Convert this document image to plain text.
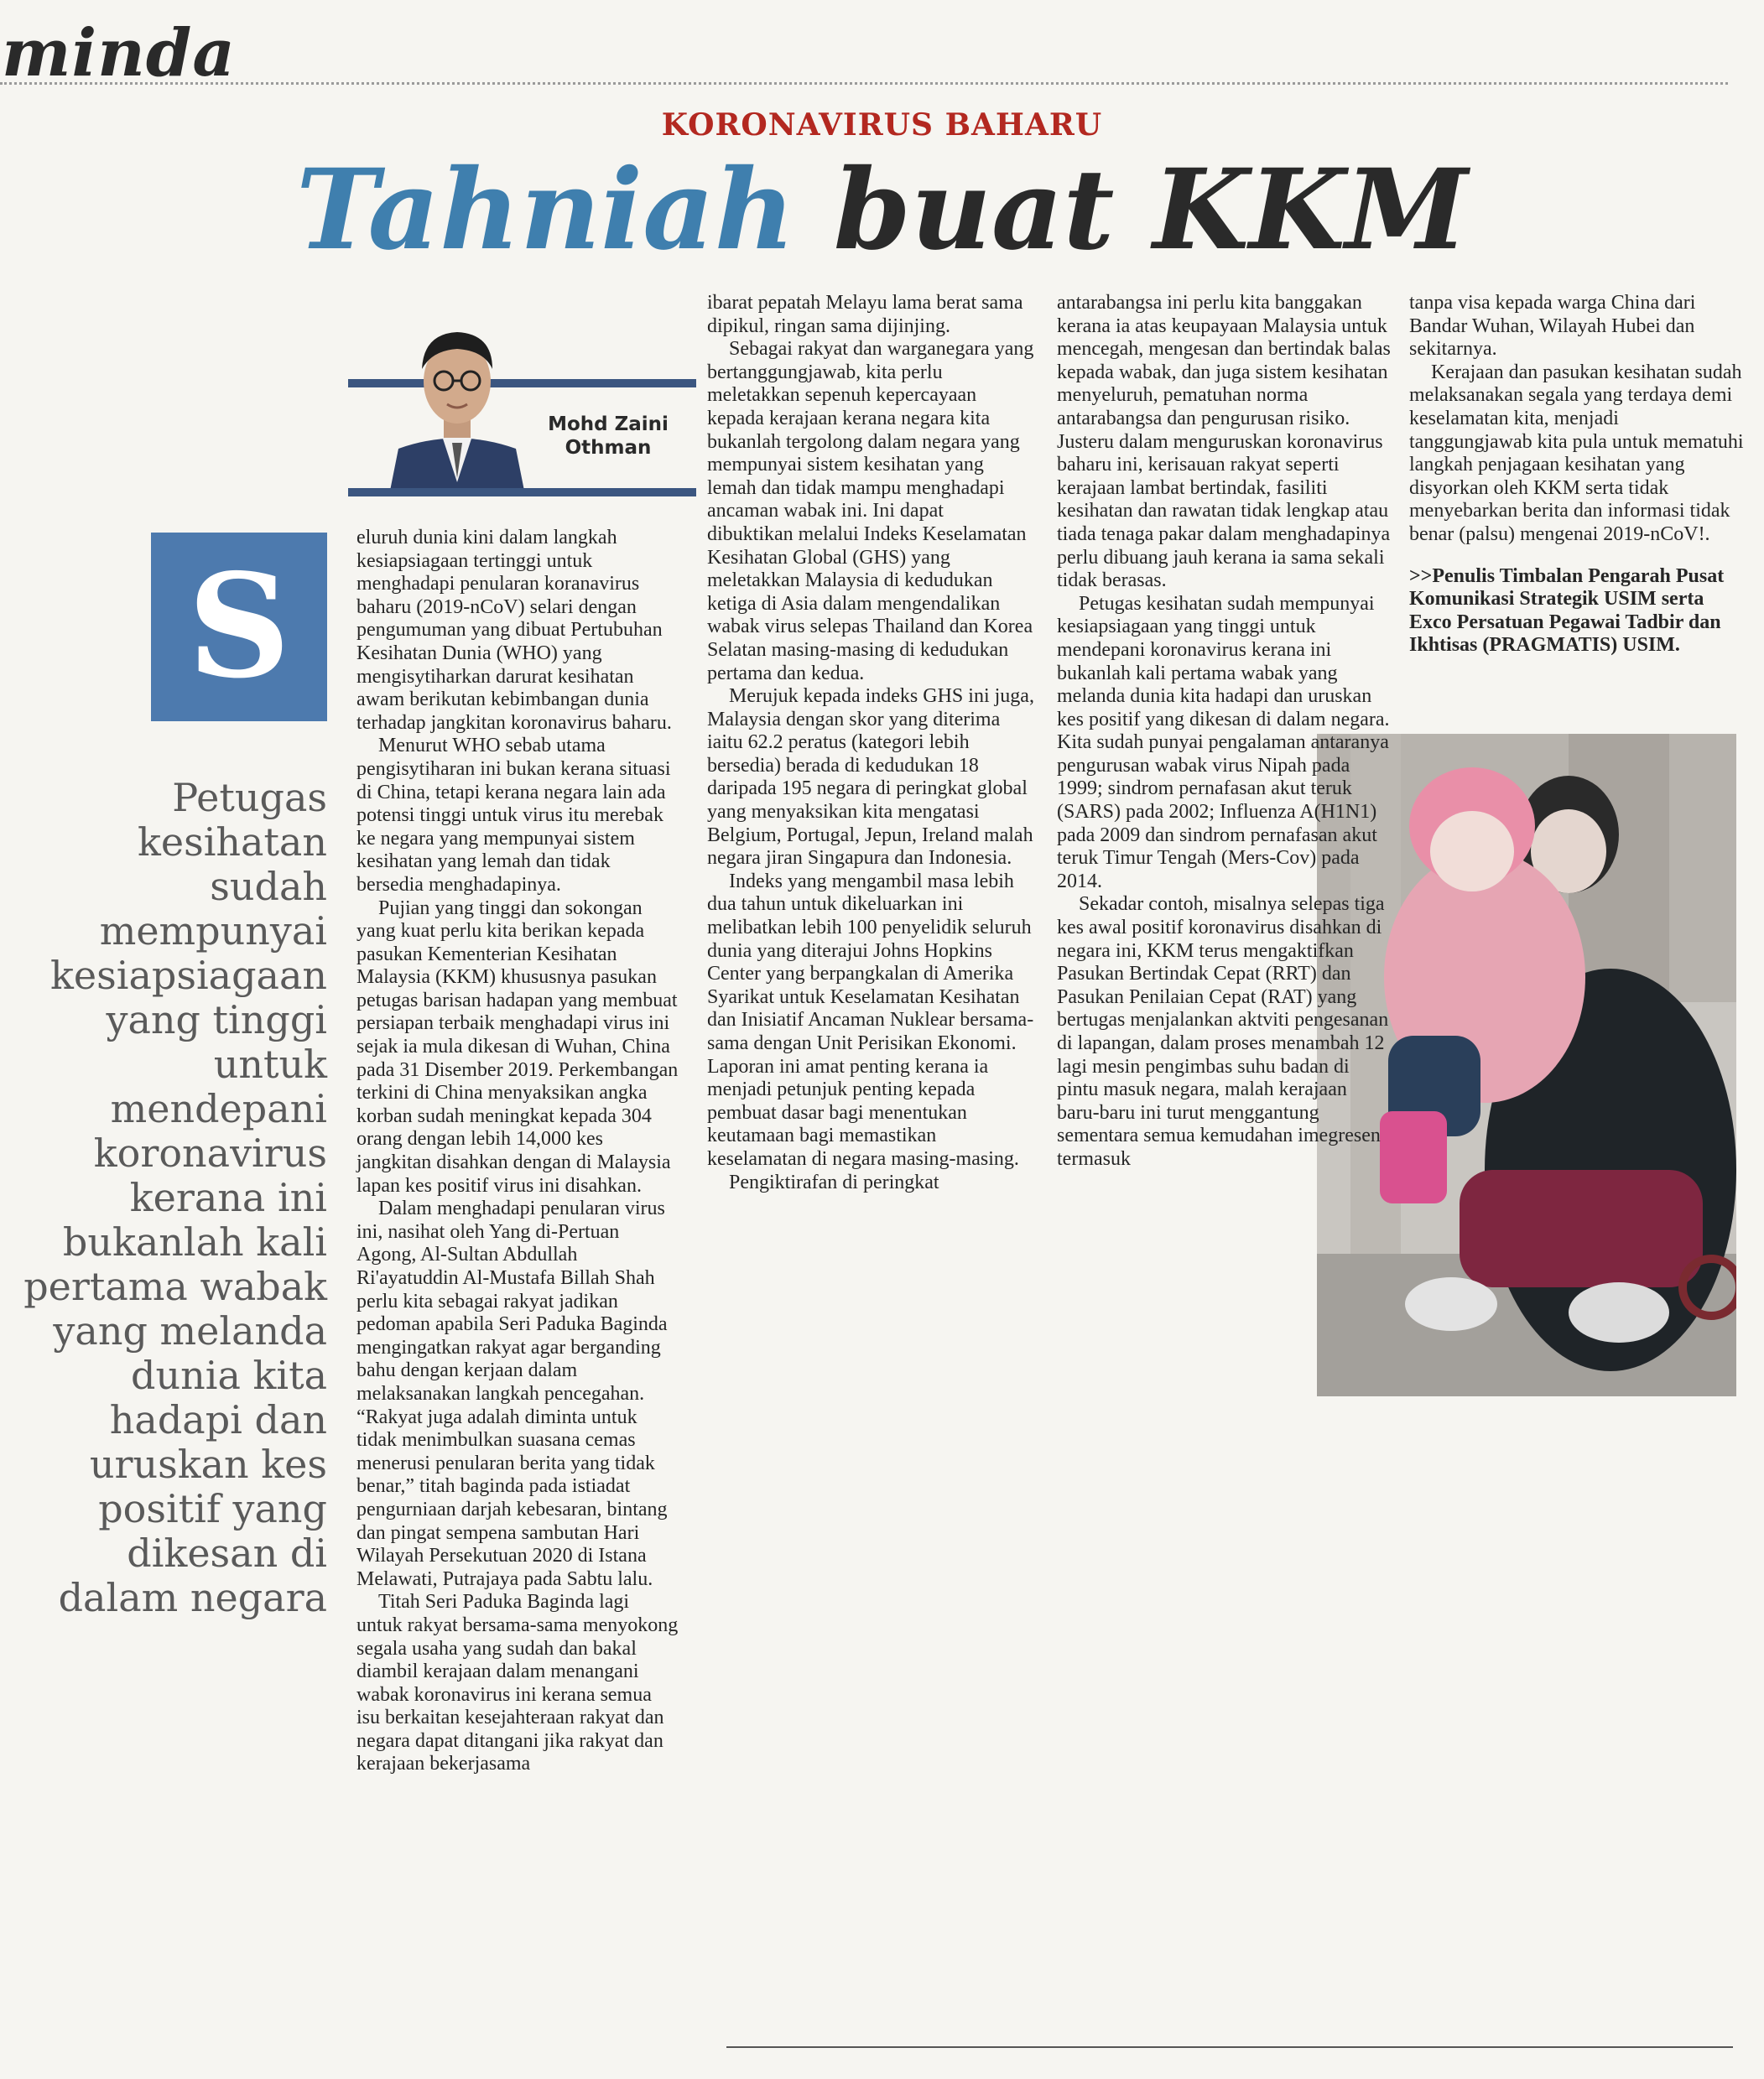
minda
KORONAVIRUS BAHARU
Tahniah buat KKM
Mohd Zaini
Othman
S
Petugas kesihatan sudah mempunyai kesiapsiagaan yang tinggi untuk mendepani koronavirus kerana ini bukanlah kali pertama wabak yang melanda dunia kita hadapi dan uruskan kes positif yang dikesan di dalam negara

eluruh dunia kini dalam langkah kesiapsiagaan tertinggi untuk menghadapi penularan koranavirus baharu (2019-nCoV) selari dengan pengumuman yang dibuat Pertubuhan Kesihatan Dunia (WHO) yang mengisytiharkan darurat kesihatan awam berikutan kebimbangan dunia terhadap jangkitan koronavirus baharu.

Menurut WHO sebab utama pengisytiharan ini bukan kerana situasi di China, tetapi kerana negara lain ada potensi tinggi untuk virus itu merebak ke negara yang mempunyai sistem kesihatan yang lemah dan tidak bersedia menghadapinya.

Pujian yang tinggi dan sokongan yang kuat perlu kita berikan kepada pasukan Kementerian Kesihatan Malaysia (KKM) khususnya pasukan petugas barisan hadapan yang membuat persiapan terbaik menghadapi virus ini sejak ia mula dikesan di Wuhan, China pada 31 Disember 2019. Perkembangan terkini di China menyaksikan angka korban sudah meningkat kepada 304 orang dengan lebih 14,000 kes jangkitan disahkan dengan di Malaysia lapan kes positif virus ini disahkan.

Dalam menghadapi penularan virus ini, nasihat oleh Yang di-Pertuan Agong, Al-Sultan Abdullah Ri'ayatuddin Al-Mustafa Billah Shah perlu kita sebagai rakyat jadikan pedoman apabila Seri Paduka Baginda mengingatkan rakyat agar berganding bahu dengan kerjaan dalam melaksanakan langkah pencegahan. “Rakyat juga adalah diminta untuk tidak menimbulkan suasana cemas menerusi penularan berita yang tidak benar,” titah baginda pada istiadat pengurniaan darjah kebesaran, bintang dan pingat sempena sambutan Hari Wilayah Persekutuan 2020 di Istana Melawati, Putrajaya pada Sabtu lalu.

Titah Seri Paduka Baginda lagi untuk rakyat bersama-sama menyokong segala usaha yang sudah dan bakal diambil kerajaan dalam menangani wabak koronavirus ini kerana semua isu berkaitan kesejahteraan rakyat dan negara dapat ditangani jika rakyat dan kerajaan bekerjasama

ibarat pepatah Melayu lama berat sama dipikul, ringan sama dijinjing.

Sebagai rakyat dan warganegara yang bertanggungjawab, kita perlu meletakkan sepenuh kepercayaan kepada kerajaan kerana negara kita bukanlah tergolong dalam negara yang mempunyai sistem kesihatan yang lemah dan tidak mampu menghadapi ancaman wabak ini. Ini dapat dibuktikan melalui Indeks Keselamatan Kesihatan Global (GHS) yang meletakkan Malaysia di kedudukan ketiga di Asia dalam mengendalikan wabak virus selepas Thailand dan Korea Selatan masing-masing di kedudukan pertama dan kedua.

Merujuk kepada indeks GHS ini juga, Malaysia dengan skor yang diterima iaitu 62.2 peratus (kategori lebih bersedia) berada di kedudukan 18 daripada 195 negara di peringkat global yang menyaksikan kita mengatasi Belgium, Portugal, Jepun, Ireland malah negara jiran Singapura dan Indonesia.

Indeks yang mengambil masa lebih dua tahun untuk dikeluarkan ini melibatkan lebih 100 penyelidik seluruh dunia yang diterajui Johns Hopkins Center yang berpangkalan di Amerika Syarikat untuk Keselamatan Kesihatan dan Inisiatif Ancaman Nuklear bersama-sama dengan Unit Perisikan Ekonomi. Laporan ini amat penting kerana ia menjadi petunjuk penting kepada pembuat dasar bagi menentukan keutamaan bagi memastikan keselamatan di negara masing-masing.

Pengiktirafan di peringkat

antarabangsa ini perlu kita banggakan kerana ia atas keupayaan Malaysia untuk mencegah, mengesan dan bertindak balas kepada wabak, dan juga sistem kesihatan menyeluruh, pematuhan norma antarabangsa dan pengurusan risiko. Justeru dalam menguruskan koronavirus baharu ini, kerisauan rakyat seperti kerajaan lambat bertindak, fasiliti kesihatan dan rawatan tidak lengkap atau tiada tenaga pakar dalam menghadapinya perlu dibuang jauh kerana ia sama sekali tidak berasas.

Petugas kesihatan sudah mempunyai kesiapsiagaan yang tinggi untuk mendepani koronavirus kerana ini bukanlah kali pertama wabak yang melanda dunia kita hadapi dan uruskan kes positif yang dikesan di dalam negara. Kita sudah punyai pengalaman antaranya pengurusan wabak virus Nipah pada 1999; sindrom pernafasan akut teruk (SARS) pada 2002; Influenza A(H1N1) pada 2009 dan sindrom pernafasan akut teruk Timur Tengah (Mers-Cov) pada 2014.

Sekadar contoh, misalnya selepas tiga kes awal positif koronavirus disahkan di negara ini, KKM terus mengaktifkan Pasukan Bertindak Cepat (RRT) dan Pasukan Penilaian Cepat (RAT) yang bertugas menjalankan aktviti pengesanan di lapangan, dalam proses menambah 12 lagi mesin pengimbas suhu badan di pintu masuk negara, malah kerajaan baru-baru ini turut menggantung sementara semua kemudahan imegresen termasuk

tanpa visa kepada warga China dari Bandar Wuhan, Wilayah Hubei dan sekitarnya.

Kerajaan dan pasukan kesihatan sudah melaksanakan segala yang terdaya demi keselamatan kita, menjadi tanggungjawab kita pula untuk mematuhi langkah penjagaan kesihatan yang disyorkan oleh KKM serta tidak menyebarkan berita dan informasi tidak benar (palsu) mengenai 2019-nCoV!.

>>Penulis Timbalan Pengarah Pusat Komunikasi Strategik USIM serta Exco Persatuan Pegawai Tadbir dan Ikhtisas (PRAGMATIS) USIM.
